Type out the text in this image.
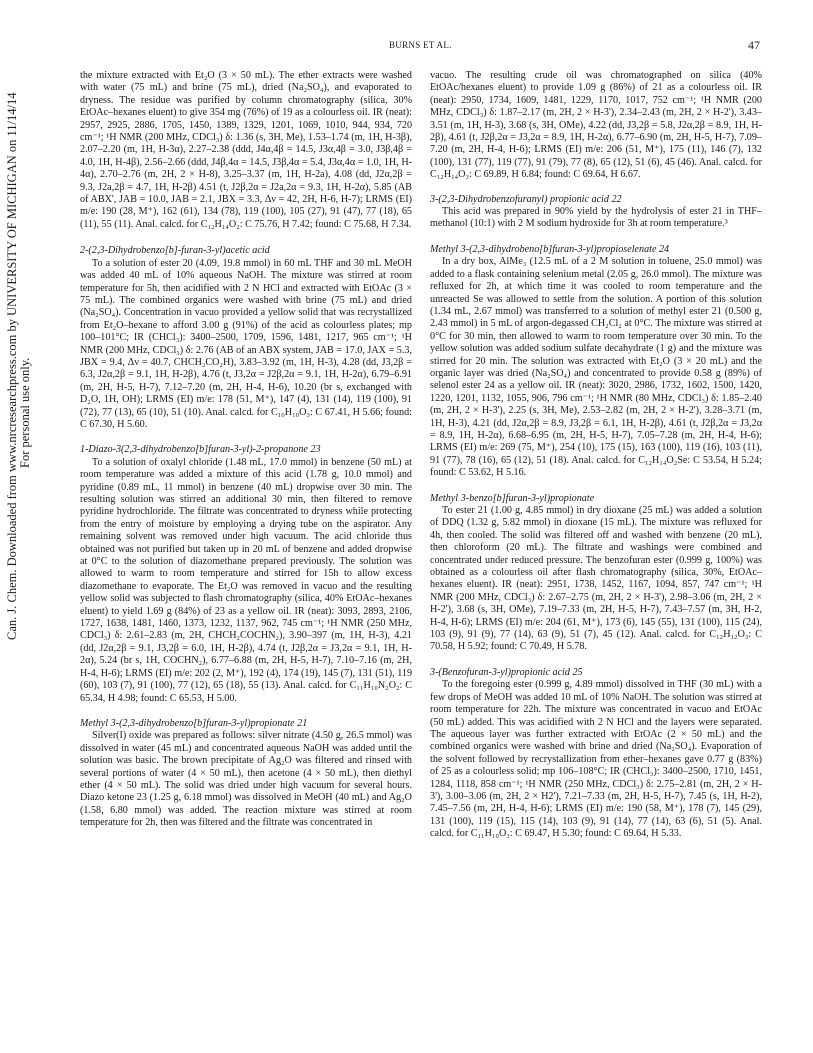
BURNS ET AL.	47
Can. J. Chem. Downloaded from www.nrcresearchpress.com by UNIVERSITY OF MICHIGAN on 11/14/14 For personal use only.

the mixture extracted with Et₂O (3 × 50 mL). The ether extracts were washed with water (75 mL) and brine (75 mL), dried (Na₂SO₄), and evaporated to dryness. The residue was purified by column chromatography (silica, 30% EtOAc–hexanes eluent) to give 354 mg (76%) of 19 as a colourless oil. IR (neat): 2957, 2925, 2886, 1705, 1450, 1389, 1329, 1201, 1069, 1010, 944, 934, 720 cm⁻¹; ¹H NMR (200 MHz, CDCl₃) δ: 1.36 (s, 3H, Me), 1.53–1.74 (m, 1H, H-3β), 2.07–2.20 (m, 1H, H-3α), 2.27–2.38 (ddd, J4α,4β = 14.5, J3α,4β = 3.0, J3β,4β = 4.0, 1H, H-4β), 2.56–2.66 (ddd, J4β,4α = 14.5, J3β,4α = 5.4, J3α,4α = 1.0, 1H, H-4α), 2.70–2.76 (m, 2H, 2 × H-8), 3.25–3.37 (m, 1H, H-2a), 4.08 (dd, J2α,2β = 9.3, J2a,2β = 4.7, 1H, H-2β) 4.51 (t, J2β,2α = J2a,2α = 9.3, 1H, H-2α), 5.85 (AB of ABX', JAB = 10.0, JAB = 2.1, JBX = 3.3, Δν = 42, 2H, H-6, H-7); LRMS (EI) m/e: 190 (28, M⁺), 162 (61), 134 (78), 119 (100), 105 (27), 91 (47), 77 (18), 65 (11), 55 (11). Anal. calcd. for C₁₂H₁₄O₂: C 75.76, H 7.42; found: C 75.68, H 7.34.

2-(2,3-Dihydrobenzo[b]-furan-3-yl)acetic acid

To a solution of ester 20 (4.09, 19.8 mmol) in 60 mL THF and 30 mL MeOH was added 40 mL of 10% aqueous NaOH. The mixture was stirred at room temperature for 5h, then acidified with 2 N HCl and extracted with EtOAc (3 × 75 mL). The combined organics were washed with brine (75 mL) and dried (Na₂SO₄). Concentration in vacuo provided a yellow solid that was recrystallized from Et₂O–hexane to afford 3.00 g (91%) of the acid as colourless plates; mp 100–101°C; IR (CHCl₃): 3400–2500, 1709, 1596, 1481, 1217, 965 cm⁻¹; ¹H NMR (200 MHz, CDCl₃) δ: 2.76 (AB of an ABX system, JAB = 17.0, JAX = 5.3, JBX = 9.4, Δν = 40.7, CHCH₂CO₂H), 3.83–3.92 (m, 1H, H-3), 4.28 (dd, J3,2β = 6.3, J2α,2β = 9.1, 1H, H-2β), 4.76 (t, J3,2α = J2β,2α = 9.1, 1H, H-2α), 6.79–6.91 (m, 2H, H-5, H-7), 7.12–7.20 (m, 2H, H-4, H-6), 10.20 (br s, exchanged with D₂O, 1H, OH); LRMS (EI) m/e: 178 (51, M⁺), 147 (4), 131 (14), 119 (100), 91 (72), 77 (13), 65 (10), 51 (10). Anal. calcd. for C₁₀H₁₀O₃: C 67.41, H 5.66; found: C 67.30, H 5.60.

1-Diazo-3(2,3-dihydrobenzo[b]furan-3-yl)-2-propanone 23

To a solution of oxalyl chloride (1.48 mL, 17.0 mmol) in benzene (50 mL) at room temperature was added a mixture of this acid (1.78 g, 10.0 mmol) and pyridine (0.89 mL, 11 mmol) in benzene (40 mL) dropwise over 30 min. The resulting solution was stirred an additional 30 min, then filtered to remove pyridine hydrochloride. The filtrate was concentrated to dryness while protecting from the entry of moisture by employing a drying tube on the aspirator. Any remaining solvent was removed under high vacuum. The acid chloride thus obtained was not purified but taken up in 20 mL of benzene and added dropwise at 0°C to the solution of diazomethane prepared previously. The solution was allowed to warm to room temperature and stirred for 15h to allow excess diazomethane to evaporate. The Et₂O was removed in vacuo and the resulting yellow solid was subjected to flash chromatography (silica, 40% EtOAc–hexanes eluent) to yield 1.69 g (84%) of 23 as a yellow oil. IR (neat): 3093, 2893, 2106, 1727, 1638, 1481, 1460, 1373, 1232, 1137, 962, 745 cm⁻¹; ¹H NMR (250 MHz, CDCl₃) δ: 2.61–2.83 (m, 2H, CHCH₂COCHN₂), 3.90–397 (m, 1H, H-3), 4.21 (dd, J2α,2β = 9.1, J3,2β = 6.0, 1H, H-2β), 4.74 (t, J2β,2α = J3,2α = 9.1, 1H, H-2α), 5.24 (br s, 1H, COCHN₂), 6.77–6.88 (m, 2H, H-5, H-7), 7.10–7.16 (m, 2H, H-4, H-6); LRMS (EI) m/e: 202 (2, M⁺), 192 (4), 174 (19), 145 (7), 131 (51), 119 (60), 103 (7), 91 (100), 77 (12), 65 (18), 55 (13). Anal. calcd. for C₁₁H₁₀N₂O₂: C 65.34, H 4.98; found: C 65.53, H 5.00.

Methyl 3-(2,3-dihydrobenzo[b]furan-3-yl)propionate 21

Silver(I) oxide was prepared as follows: silver nitrate (4.50 g, 26.5 mmol) was dissolved in water (45 mL) and concentrated aqueous NaOH was added until the solution was basic. The brown precipitate of Ag₂O was filtered and rinsed with several portions of water (4 × 50 mL), then acetone (4 × 50 mL), then diethyl ether (4 × 50 mL). The solid was dried under high vacuum for several hours. Diazo ketone 23 (1.25 g, 6.18 mmol) was dissolved in MeOH (40 mL) and Ag₂O (1.58, 6.80 mmol) was added. The reaction mixture was stirred at room temperature for 2h, then was filtered and the filtrate was concentrated in

vacuo. The resulting crude oil was chromatographed on silica (40% EtOAc/hexanes eluent) to provide 1.09 g (86%) of 21 as a colourless oil. IR (neat): 2950, 1734, 1609, 1481, 1229, 1170, 1017, 752 cm⁻¹; ¹H NMR (200 MHz, CDCl₃) δ: 1.87–2.17 (m, 2H, 2 × H-3'), 2.34–2.43 (m, 2H, 2 × H-2'), 3.43–3.51 (m, 1H, H-3), 3.68 (s, 3H, OMe), 4.22 (dd, J3,2β = 5.8, J2α,2β = 8.9, 1H, H-2β), 4.61 (t, J2β,2α = J3,2α = 8.9, 1H, H-2α), 6.77–6.90 (m, 2H, H-5, H-7), 7.09–7.20 (m, 2H, H-4, H-6); LRMS (EI) m/e: 206 (51, M⁺), 175 (11), 146 (7), 132 (100), 131 (77), 119 (77), 91 (79), 77 (8), 65 (12), 51 (6), 45 (46). Anal. calcd. for C₁₂H₁₄O₃: C 69.89, H 6.84; found: C 69.64, H 6.67.

3-(2,3-Dihydrobenzofuranyl) propionic acid 22

This acid was prepared in 90% yield by the hydrolysis of ester 21 in THF–methanol (10:1) with 2 M sodium hydroxide for 3h at room temperature.³

Methyl 3-(2,3-dihydrobeno[b]furan-3-yl)propioselenate 24

In a dry box, AlMe₃ (12.5 mL of a 2 M solution in toluene, 25.0 mmol) was added to a flask containing selenium metal (2.05 g, 26.0 mmol). The mixture was refluxed for 2h, at which time it was cooled to room temperature and the unreacted Se was allowed to settle from the solution. A portion of this solution (1.34 mL, 2.67 mmol) was transferred to a solution of methyl ester 21 (0.500 g, 2.43 mmol) in 5 mL of argon-degassed CH₂Cl₂ at 0°C. The mixture was stirred at 0°C for 30 min, then allowed to warm to room temperature over 30 min. To the yellow solution was added sodium sulfate decahydrate (1 g) and the mixture was stirred for 20 min. The solution was extracted with Et₂O (3 × 20 mL) and the organic layer was dried (Na₂SO₄) and concentrated to provide 0.58 g (89%) of selenol ester 24 as a yellow oil. IR (neat): 3020, 2986, 1732, 1602, 1500, 1420, 1220, 1201, 1132, 1055, 906, 796 cm⁻¹; ¹H NMR (80 MHz, CDCl₃) δ: 1.85–2.40 (m, 2H, 2 × H-3'), 2.25 (s, 3H, Me), 2.53–2.82 (m, 2H, 2 × H-2'), 3.28–3.71 (m, 1H, H-3), 4.21 (dd, J2α,2β = 8.9, J3,2β = 6.1, 1H, H-2β), 4.61 (t, J2β,2α = J3,2α = 8.9, 1H, H-2α), 6.68–6.95 (m, 2H, H-5, H-7), 7.05–7.28 (m, 2H, H-4, H-6); LRMS (EI) m/e: 269 (75, M⁺), 254 (10), 175 (15), 163 (100), 119 (16), 103 (11), 91 (77), 78 (16), 65 (12), 51 (18). Anal. calcd. for C₁₂H₁₄O₂Se: C 53.54, H 5.24; found: C 53.62, H 5.16.

Methyl 3-benzo[b]furan-3-yl)propionate

To ester 21 (1.00 g, 4.85 mmol) in dry dioxane (25 mL) was added a solution of DDQ (1.32 g, 5.82 mmol) in dioxane (15 mL). The mixture was refluxed for 4h, then cooled. The solid was filtered off and washed with benzene (20 mL), then chloroform (20 mL). The filtrate and washings were combined and concentrated under reduced pressure. The benzofuran ester (0.999 g, 100%) was obtained as a colourless oil after flash chromatography (silica, 30%, EtOAc–hexanes eluent). IR (neat): 2951, 1738, 1452, 1167, 1094, 857, 747 cm⁻¹; ¹H NMR (200 MHz, CDCl₃) δ: 2.67–2.75 (m, 2H, 2 × H-3'), 2.98–3.06 (m, 2H, 2 × H-2'), 3.68 (s, 3H, OMe), 7.19–7.33 (m, 2H, H-5, H-7), 7.43–7.57 (m, 3H, H-2, H-4, H-6); LRMS (EI) m/e: 204 (61, M⁺), 173 (6), 145 (55), 131 (100), 115 (24), 103 (9), 91 (9), 77 (14), 63 (9), 51 (7), 45 (12). Anal. calcd. for C₁₂H₁₂O₃: C 70.58, H 5.92; found: C 70.49, H 5.78.

3-(Benzofuran-3-yl)propionic acid 25

To the foregoing ester (0.999 g, 4.89 mmol) dissolved in THF (30 mL) with a few drops of MeOH was added 10 mL of 10% NaOH. The solution was stirred at room temperature for 22h. The mixture was concentrated in vacuo and EtOAc (50 mL) added. This was acidified with 2 N HCl and the layers were separated. The aqueous layer was further extracted with EtOAc (2 × 50 mL) and the combined organics were washed with brine and dried (Na₂SO₄). Evaporation of the solvent followed by recrystallization from ether–hexanes gave 0.77 g (83%) of 25 as a colourless solid; mp 106–108°C; IR (CHCl₃): 3400–2500, 1710, 1451, 1284, 1118, 858 cm⁻¹; ¹H NMR (250 MHz, CDCl₃) δ: 2.75–2.81 (m, 2H, 2 × H-3'), 3.00–3.06 (m, 2H, 2 × H2'), 7.21–7.33 (m, 2H, H-5, H-7), 7.45 (s, 1H, H-2), 7.45–7.56 (m, 2H, H-4, H-6); LRMS (EI) m/e: 190 (58, M⁺), 178 (7), 145 (29), 131 (100), 119 (15), 115 (14), 103 (9), 91 (14), 77 (14), 63 (6), 51 (5). Anal. calcd. for C₁₁H₁₀O₃: C 69.47, H 5.30; found: C 69.64, H 5.33.
